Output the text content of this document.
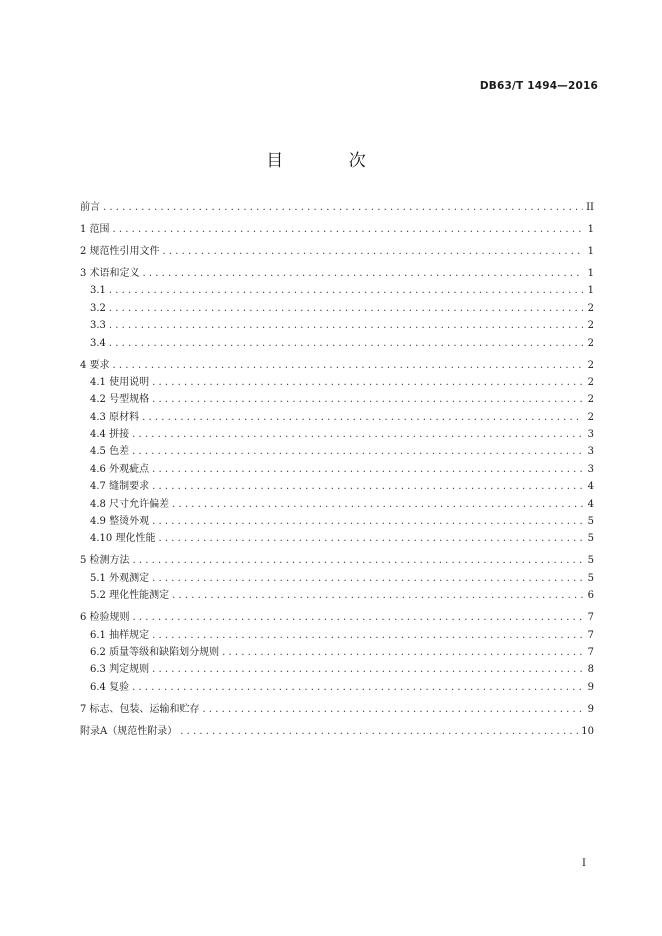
DB63/T 1494—2016
目 次
前言 .....	II
1 范围 .....	1
2 规范性引用文件 .....	1
3 术语和定义 .....	1
3.1 .....	1
3.2 .....	2
3.3 .....	2
3.4 .....	2
4 要求 .....	2
4.1 使用说明 .....	2
4.2 号型规格 .....	2
4.3 原材料 .....	2
4.4 拼接 .....	3
4.5 色差 .....	3
4.6 外观疵点 .....	3
4.7 缝制要求 .....	4
4.8 尺寸允许偏差 .....	4
4.9 整烫外观 .....	5
4.10 理化性能 .....	5
5 检测方法 .....	5
5.1 外观测定 .....	5
5.2 理化性能测定 .....	6
6 检验规则 .....	7
6.1 抽样规定 .....	7
6.2 质量等级和缺陷划分规则 .....	7
6.3 判定规则 .....	8
6.4 复验 .....	9
7 标志、包装、运输和贮存 .....	9
附录A（规范性附录） .....	10
I
